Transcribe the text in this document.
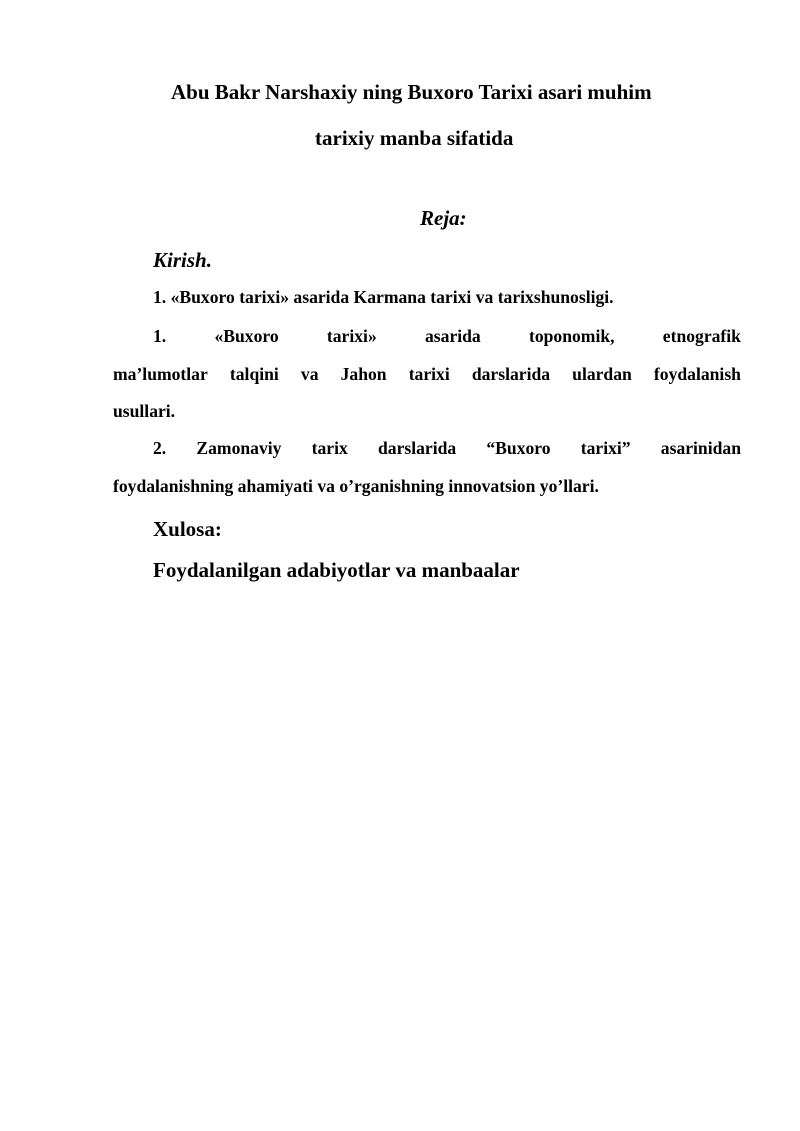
Abu Bakr Narshaxiy ning Buxoro Tarixi asari muhim
tarixiy manba sifatida
Reja:
Kirish.
1. «Buxoro tarixi» asarida Karmana tarixi va tarixshunosligi.
1.	«Buxoro	tarixi»	asarida	toponomik,	etnografik
ma’lumotlar talqini va Jahon tarixi darslarida ulardan foydalanish
usullari.
2. Zamonaviy tarix darslarida “Buxoro tarixi” asarinidan
foydalanishning ahamiyati va o’rganishning innovatsion yo’llari.
Xulosa:
Foydalanilgan adabiyotlar va manbaalar
